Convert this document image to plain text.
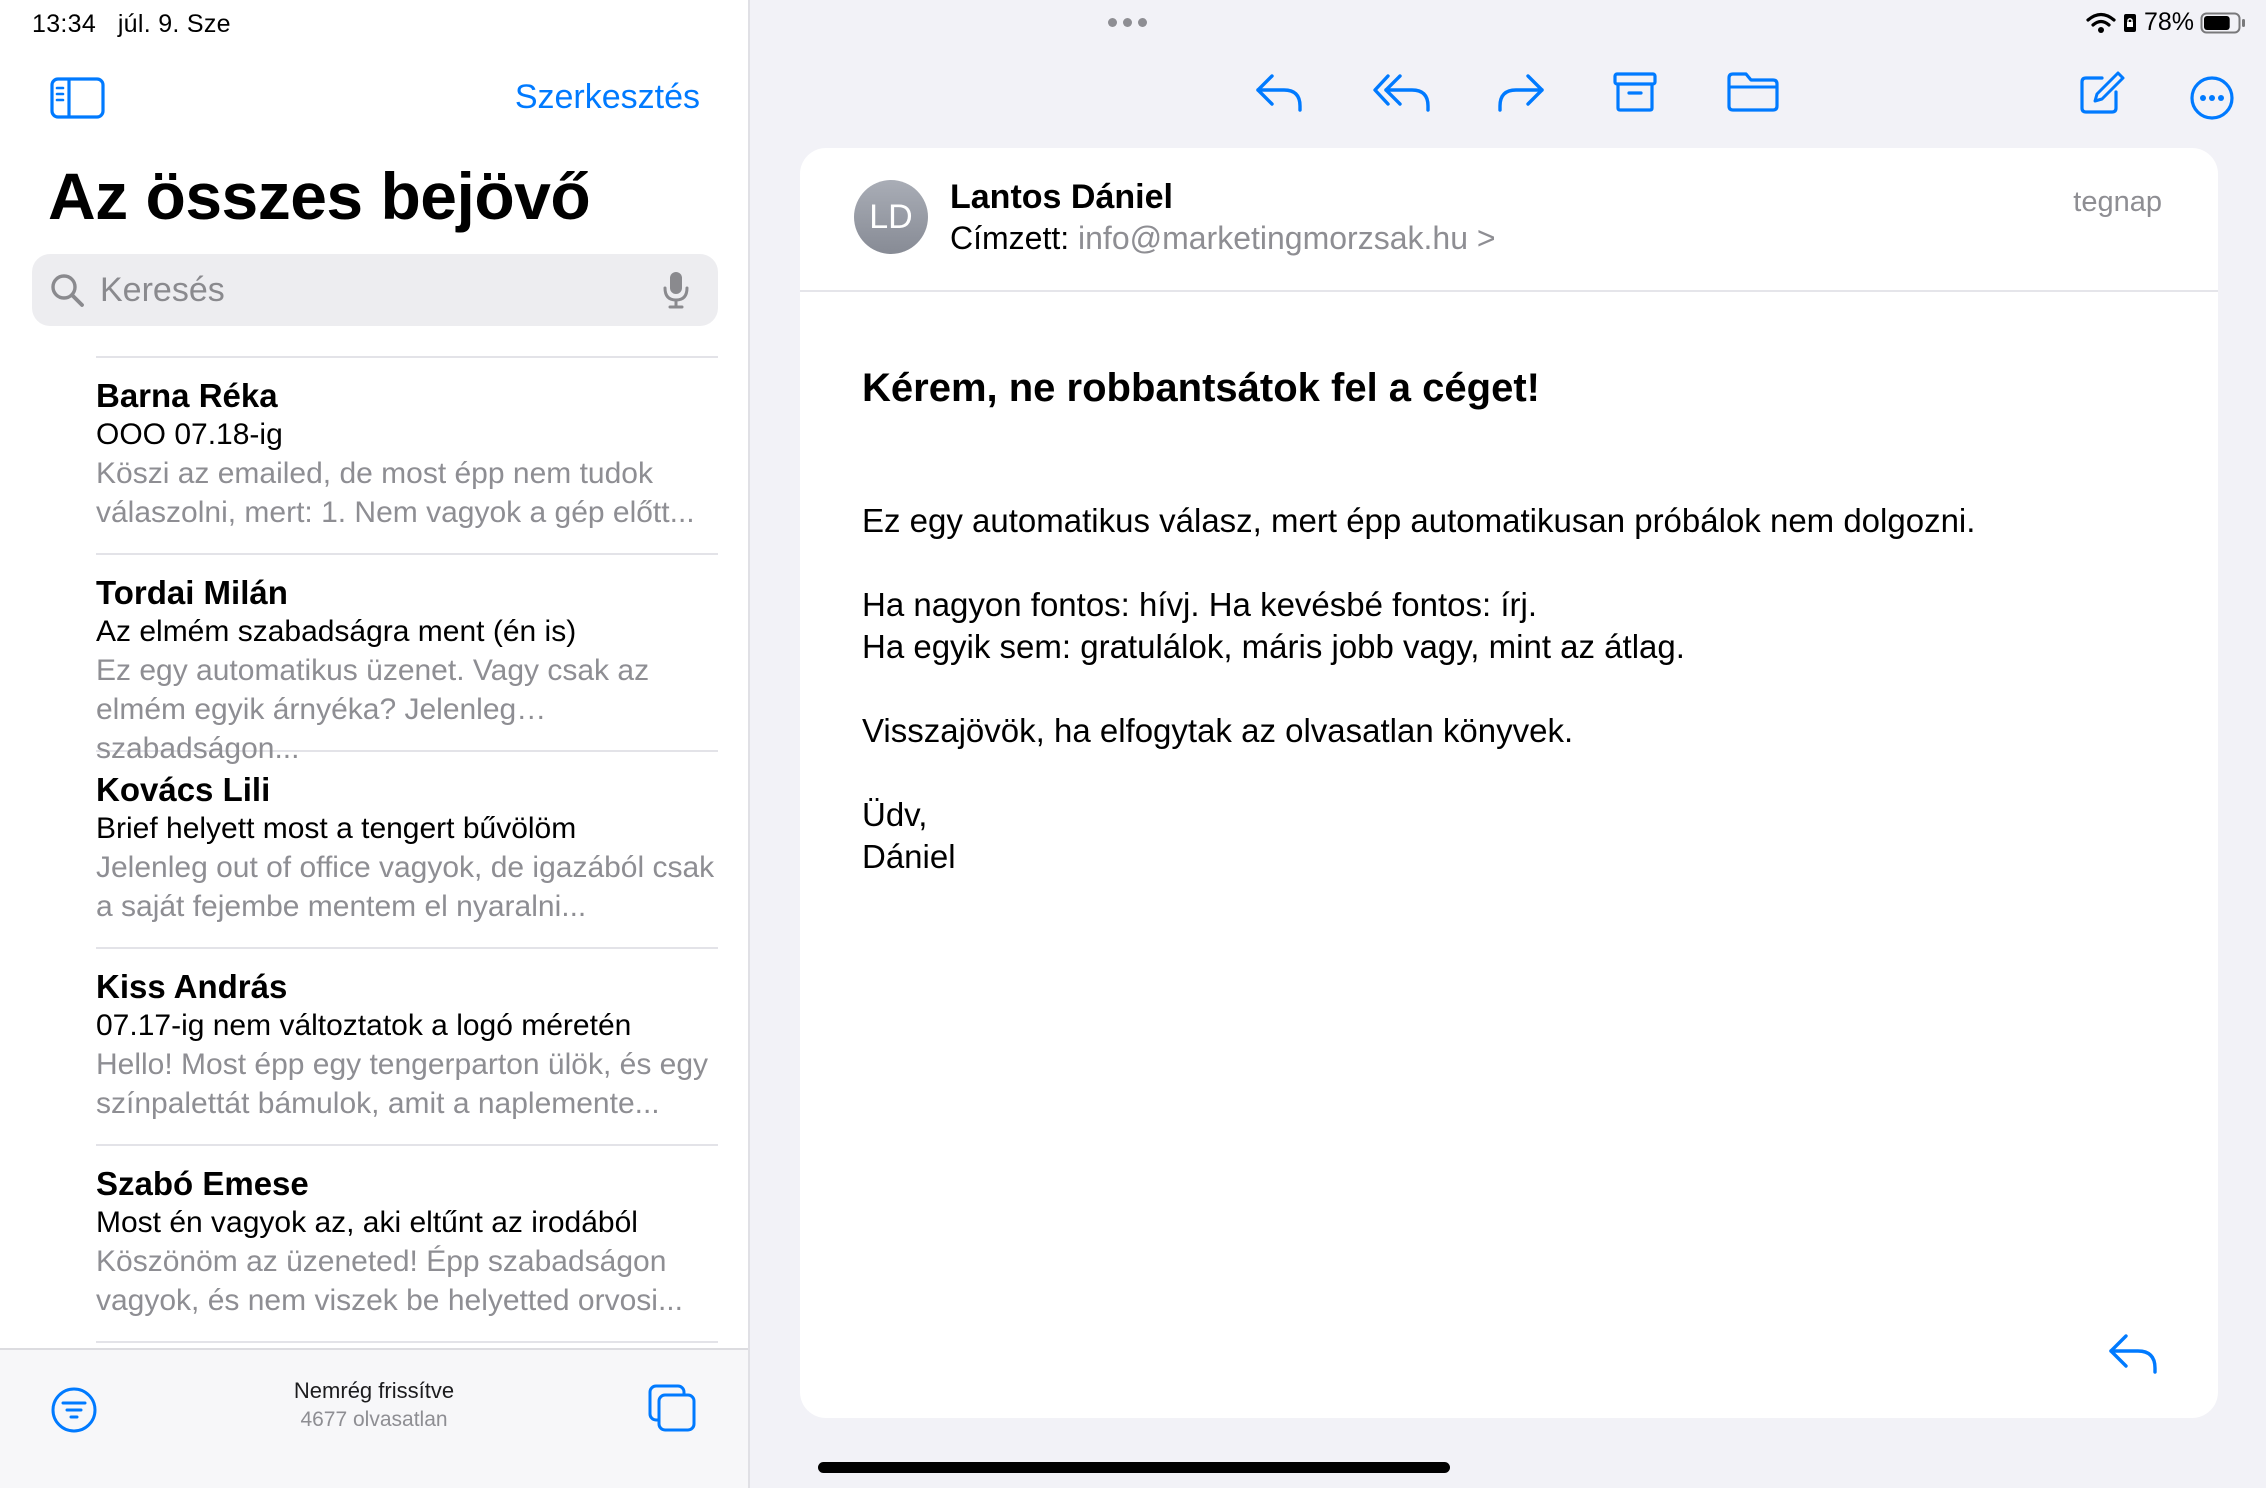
13:34 júl. 9. Sze
Szerkesztés
Az összes bejövő
Keresés
Barna Réka
OOO 07.18-ig
Köszi az emailed, de most épp nem tudok válaszolni, mert: 1. Nem vagyok a gép előtt...
Tordai Milán
Az elmém szabadságra ment (én is)
Ez egy automatikus üzenet. Vagy csak az elmém egyik árnyéka? Jelenleg szabadságon...
Kovács Lili
Brief helyett most a tengert bűvölöm
Jelenleg out of office vagyok, de igazából csak a saját fejembe mentem el nyaralni...
Kiss András
07.17-ig nem változtatok a logó méretén
Hello! Most épp egy tengerparton ülök, és egy színpalettát bámulok, amit a naplemente...
Szabó Emese
Most én vagyok az, aki eltűnt az irodából
Köszönöm az üzeneted! Épp szabadságon vagyok, és nem viszek be helyetted orvosi...
Nemrég frissítve
4677 olvasatlan
78%
LD
Lantos Dániel
Címzett: info@marketingmorzsak.hu >
tegnap
Kérem, ne robbantsátok fel a céget!

Ez egy automatikus válasz, mert épp automatikusan próbálok nem dolgozni.

Ha nagyon fontos: hívj. Ha kevésbé fontos: írj.
Ha egyik sem: gratulálok, máris jobb vagy, mint az átlag.

Visszajövök, ha elfogytak az olvasatlan könyvek.

Üdv,
Dániel
